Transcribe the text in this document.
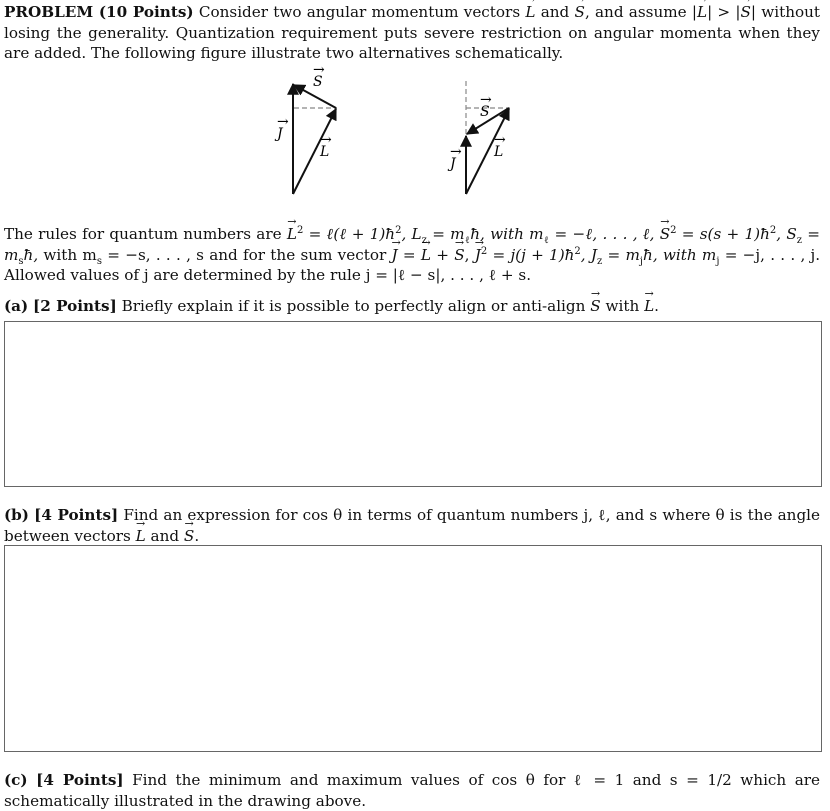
PROBLEM (10 Points) Consider two angular momentum vectors → L and → S, and assume |→ L| > |→ S| without losing the generality. Quantization requirement puts severe restriction on angular momenta when they are added. The following figure illustrate two alternatives schematically.
S
→
J
→
L
→
S
→
J
→ L
→
The rules for quantum numbers are → $L^2$ = ℓ(ℓ + $1)ħ^2$, $L_z$ = $m_\ell ħ$, with $m_\ell$ = −ℓ, . . . , ℓ, → $S^2 = s(s$ + $1)ħ^2$, $S_z$ = $m_sħ$, with $m_s = -s$, . . . , s and for the sum vector → J = → L + → S, → $J^2 = j(j$ + $1)ħ^2$, $J_z$ = $m_jħ$, with $m_j = -j$, . . . , j. Allowed values of j are determined by the rule j = |ℓ − s|, . . . , ℓ + s.
(a) [2 Points] Briefly explain if it is possible to perfectly align or anti-align → S with → L.
(b) [4 Points] Find an expression for cos θ in terms of quantum numbers j, ℓ, and s where θ is the angle between vectors → L and → S.
(c) [4 Points] Find the minimum and maximum values of cos θ for ℓ = 1 and s = 1/2 which are schematically illustrated in the drawing above.
